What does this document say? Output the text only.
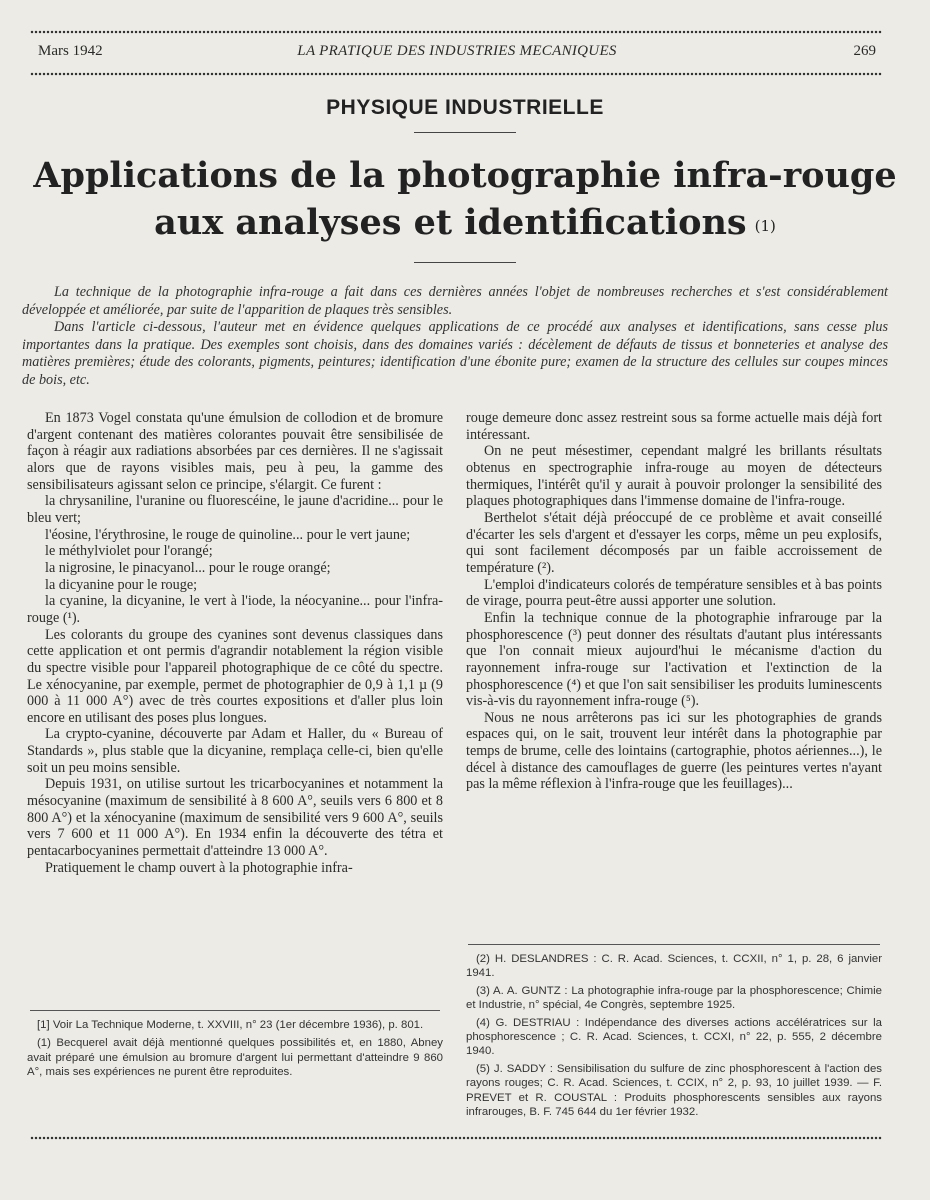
Mars 1942	LA PRATIQUE DES INDUSTRIES MECANIQUES	269
PHYSIQUE INDUSTRIELLE
Applications de la photographie infra-rouge
aux analyses et identifications $^{(1)}$

La technique de la photographie infra-rouge a fait dans ces dernières années l'objet de nombreuses recherches et s'est considérablement développée et améliorée, par suite de l'apparition de plaques très sensibles.

Dans l'article ci-dessous, l'auteur met en évidence quelques applications de ce procédé aux analyses et identifications, sans cesse plus importantes dans la pratique. Des exemples sont choisis, dans des domaines variés : décèlement de défauts de tissus et bonneteries et analyse des matières premières; étude des colorants, pigments, peintures; identification d'une ébonite pure; examen de la structure des cellules sur coupes minces de bois, etc.

En 1873 Vogel constata qu'une émulsion de collodion et de bromure d'argent contenant des matières colorantes pouvait être sensibilisée de façon à réagir aux radiations absorbées par ces dernières. Il ne s'agissait alors que de rayons visibles mais, peu à peu, la gamme des sensibilisateurs agissant selon ce principe, s'élargit. Ce furent :

la chrysaniline, l'uranine ou fluorescéine, le jaune d'acridine... pour le bleu vert;

l'éosine, l'érythrosine, le rouge de quinoline... pour le vert jaune;

le méthylviolet pour l'orangé;

la nigrosine, le pinacyanol... pour le rouge orangé;

la dicyanine pour le rouge;

la cyanine, la dicyanine, le vert à l'iode, la néocyanine... pour l'infra-rouge (¹).

Les colorants du groupe des cyanines sont devenus classiques dans cette application et ont permis d'agrandir notablement la région visible du spectre visible pour l'appareil photographique de ce côté du spectre. Le xénocyanine, par exemple, permet de photographier de 0,9 à 1,1 µ (9 000 à 11 000 A°) avec de très courtes expositions et d'aller plus loin encore en utilisant des poses plus longues.

La crypto-cyanine, découverte par Adam et Haller, du « Bureau of Standards », plus stable que la dicyanine, remplaça celle-ci, bien qu'elle soit un peu moins sensible.

Depuis 1931, on utilise surtout les tricarbocyanines et notamment la mésocyanine (maximum de sensibilité à 8 600 A°, seuils vers 6 800 et 8 800 A°) et la xénocyanine (maximum de sensibilité vers 9 600 A°, seuils vers 7 600 et 11 000 A°). En 1934 enfin la découverte des tétra et pentacarbocyanines permettait d'atteindre 13 000 A°.

Pratiquement le champ ouvert à la photographie infra-

rouge demeure donc assez restreint sous sa forme actuelle mais déjà fort intéressant.

On ne peut mésestimer, cependant malgré les brillants résultats obtenus en spectrographie infra-rouge au moyen de détecteurs thermiques, l'intérêt qu'il y aurait à pouvoir prolonger la sensibilité des plaques photographiques dans l'immense domaine de l'infra-rouge.

Berthelot s'était déjà préoccupé de ce problème et avait conseillé d'écarter les sels d'argent et d'essayer les corps, même un peu explosifs, qui sont facilement décomposés par un faible accroissement de température (²).

L'emploi d'indicateurs colorés de température sensibles et à bas points de virage, pourra peut-être aussi apporter une solution.

Enfin la technique connue de la photographie infrarouge par la phosphorescence (³) peut donner des résultats d'autant plus intéressants que l'on connait mieux aujourd'hui le mécanisme d'action du rayonnement infra-rouge sur l'activation et l'extinction de la phosphorescence (⁴) et que l'on sait sensibiliser les produits luminescents vis-à-vis du rayonnement infra-rouge (⁵).

Nous ne nous arrêterons pas ici sur les photographies de grands espaces qui, on le sait, trouvent leur intérêt dans la photographie par temps de brume, celle des lointains (cartographie, photos aériennes...), le décel à distance des camouflages de guerre (les peintures vertes n'ayant pas la même réflexion à l'infra-rouge que les feuillages)...

[1] Voir La Technique Moderne, t. XXVIII, n° 23 (1er décembre 1936), p. 801.

(1) Becquerel avait déjà mentionné quelques possibilités et, en 1880, Abney avait préparé une émulsion au bromure d'argent lui permettant d'atteindre 9 860 A°, mais ses expériences ne purent être reproduites.

(2) H. DESLANDRES : C. R. Acad. Sciences, t. CCXII, n° 1, p. 28, 6 janvier 1941.

(3) A. A. GUNTZ : La photographie infra-rouge par la phosphorescence; Chimie et Industrie, n° spécial, 4e Congrès, septembre 1925.

(4) G. DESTRIAU : Indépendance des diverses actions accélératrices sur la phosphorescence ; C. R. Acad. Sciences, t. CCXI, n° 22, p. 555, 2 décembre 1940.

(5) J. SADDY : Sensibilisation du sulfure de zinc phosphorescent à l'action des rayons rouges; C. R. Acad. Sciences, t. CCIX, n° 2, p. 93, 10 juillet 1939. — F. PREVET et R. COUSTAL : Produits phosphorescents sensibles aux rayons infrarouges, B. F. 745 644 du 1er février 1932.
